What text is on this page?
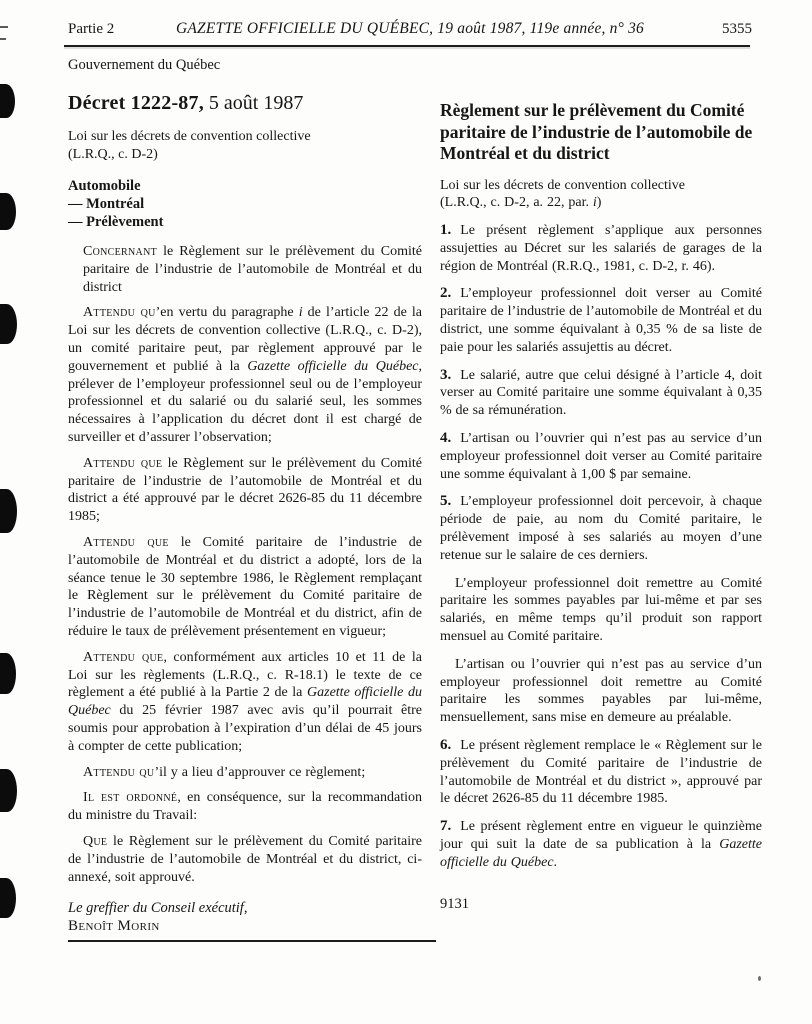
Partie 2	GAZETTE OFFICIELLE DU QUÉBEC, 19 août 1987, 119e année, n° 36	5355
Gouvernement du Québec
Décret 1222-87, 5 août 1987
Loi sur les décrets de convention collective
(L.R.Q., c. D-2)
Automobile
— Montréal
— Prélèvement

Concernant le Règlement sur le prélèvement du Comité paritaire de l’industrie de l’automobile de Montréal et du district

Attendu qu’en vertu du paragraphe i de l’article 22 de la Loi sur les décrets de convention collective (L.R.Q., c. D-2), un comité paritaire peut, par règlement approuvé par le gouvernement et publié à la Gazette officielle du Québec, prélever de l’employeur professionnel seul ou de l’employeur professionnel et du salarié ou du salarié seul, les sommes nécessaires à l’application du décret dont il est chargé de surveiller et d’assurer l’observation;

Attendu que le Règlement sur le prélèvement du Comité paritaire de l’industrie de l’automobile de Montréal et du district a été approuvé par le décret 2626-85 du 11 décembre 1985;

Attendu que le Comité paritaire de l’industrie de l’automobile de Montréal et du district a adopté, lors de la séance tenue le 30 septembre 1986, le Règlement remplaçant le Règlement sur le prélèvement du Comité paritaire de l’industrie de l’automobile de Montréal et du district, afin de réduire le taux de prélèvement présentement en vigueur;

Attendu que, conformément aux articles 10 et 11 de la Loi sur les règlements (L.R.Q., c. R-18.1) le texte de ce règlement a été publié à la Partie 2 de la Gazette officielle du Québec du 25 février 1987 avec avis qu’il pourrait être soumis pour approbation à l’expiration d’un délai de 45 jours à compter de cette publication;

Attendu qu’il y a lieu d’approuver ce règlement;

Il est ordonné, en conséquence, sur la recommandation du ministre du Travail:

Que le Règlement sur le prélèvement du Comité paritaire de l’industrie de l’automobile de Montréal et du district, ci-annexé, soit approuvé.

Le greffier du Conseil exécutif,
Benoît Morin
Règlement sur le prélèvement du Comité paritaire de l’industrie de l’automobile de Montréal et du district

Loi sur les décrets de convention collective

(L.R.Q., c. D-2, a. 22, par. i)

1. Le présent règlement s’applique aux personnes assujetties au Décret sur les salariés de garages de la région de Montréal (R.R.Q., 1981, c. D-2, r. 46).

2. L’employeur professionnel doit verser au Comité paritaire de l’industrie de l’automobile de Montréal et du district, une somme équivalant à 0,35 % de sa liste de paie pour les salariés assujettis au décret.

3. Le salarié, autre que celui désigné à l’article 4, doit verser au Comité paritaire une somme équivalant à 0,35 % de sa rémunération.

4. L’artisan ou l’ouvrier qui n’est pas au service d’un employeur professionnel doit verser au Comité paritaire une somme équivalant à 1,00 $ par semaine.

5. L’employeur professionnel doit percevoir, à chaque période de paie, au nom du Comité paritaire, le prélèvement imposé à ses salariés au moyen d’une retenue sur le salaire de ces derniers.

L’employeur professionnel doit remettre au Comité paritaire les sommes payables par lui-même et par ses salariés, en même temps qu’il produit son rapport mensuel au Comité paritaire.

L’artisan ou l’ouvrier qui n’est pas au service d’un employeur professionnel doit remettre au Comité paritaire les sommes payables par lui-même, mensuellement, sans mise en demeure au préalable.

6. Le présent règlement remplace le « Règlement sur le prélèvement du Comité paritaire de l’industrie de l’automobile de Montréal et du district », approuvé par le décret 2626-85 du 11 décembre 1985.

7. Le présent règlement entre en vigueur le quinzième jour qui suit la date de sa publication à la Gazette officielle du Québec.

9131
